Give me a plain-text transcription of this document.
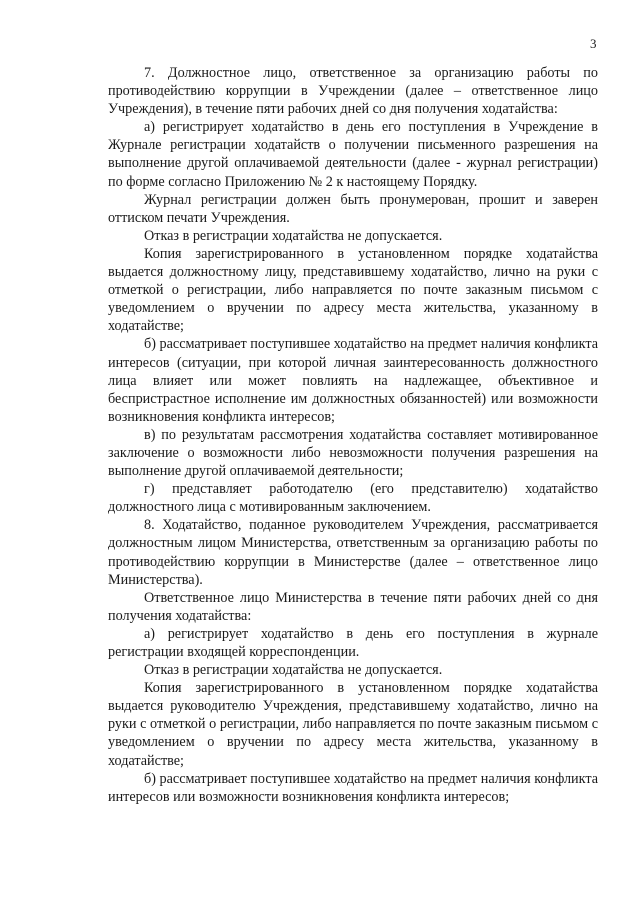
3

7. Должностное лицо, ответственное за организацию работы по противодействию коррупции в Учреждении (далее – ответственное лицо Учреждения), в течение пяти рабочих дней со дня получения ходатайства:

а) регистрирует ходатайство в день его поступления в Учреждение в Журнале регистрации ходатайств о получении письменного разрешения на выполнение другой оплачиваемой деятельности (далее - журнал регистрации) по форме согласно Приложению № 2 к настоящему Порядку.

Журнал регистрации должен быть пронумерован, прошит и заверен оттиском печати Учреждения.

Отказ в регистрации ходатайства не допускается.

Копия зарегистрированного в установленном порядке ходатайства выдается должностному лицу, представившему ходатайство, лично на руки с отметкой о регистрации, либо направляется по почте заказным письмом с уведомлением о вручении по адресу места жительства, указанному в ходатайстве;

б) рассматривает поступившее ходатайство на предмет наличия конфликта интересов (ситуации, при которой личная заинтересованность должностного лица влияет или может повлиять на надлежащее, объективное и беспристрастное исполнение им должностных обязанностей) или возможности возникновения конфликта интересов;

в) по результатам рассмотрения ходатайства составляет мотивированное заключение о возможности либо невозможности получения разрешения на выполнение другой оплачиваемой деятельности;

г) представляет работодателю (его представителю) ходатайство должностного лица с мотивированным заключением.

8. Ходатайство, поданное руководителем Учреждения, рассматривается должностным лицом Министерства, ответственным за организацию работы по противодействию коррупции в Министерстве (далее – ответственное лицо Министерства).

Ответственное лицо Министерства в течение пяти рабочих дней со дня получения ходатайства:

а) регистрирует ходатайство в день его поступления в журнале регистрации входящей корреспонденции.

Отказ в регистрации ходатайства не допускается.

Копия зарегистрированного в установленном порядке ходатайства выдается руководителю Учреждения, представившему ходатайство, лично на руки с отметкой о регистрации, либо направляется по почте заказным письмом с уведомлением о вручении по адресу места жительства, указанному в ходатайстве;

б) рассматривает поступившее ходатайство на предмет наличия конфликта интересов или возможности возникновения конфликта интересов;
